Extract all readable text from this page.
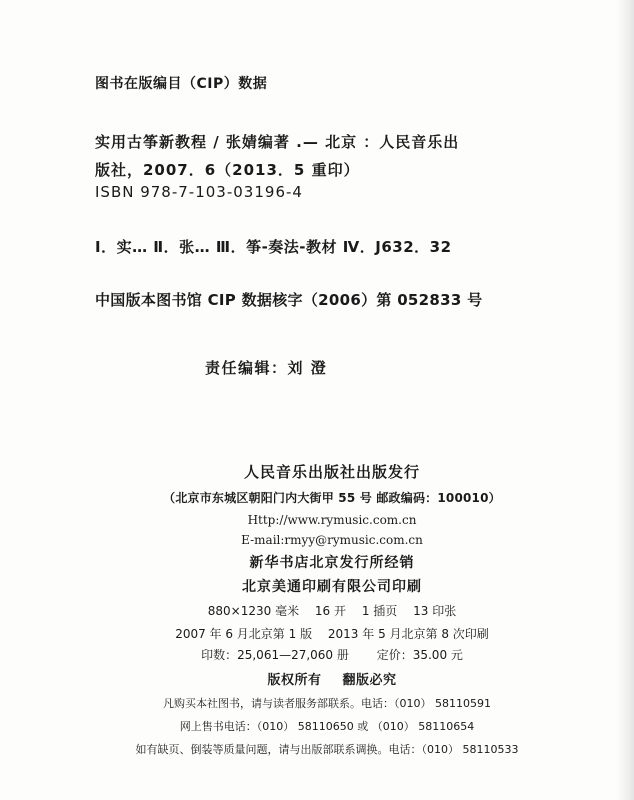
图书在版编目（CIP）数据
实用古筝新教程 / 张婧编著 .— 北京 ：人民音乐出
版社，2007．6（2013．5 重印）
ISBN 978-7-103-03196-4
Ⅰ．实… Ⅱ．张… Ⅲ．筝-奏法-教材 Ⅳ．J632．32
中国版本图书馆 CIP 数据核字（2006）第 052833 号
责任编辑：刘 澄
人民音乐出版社出版发行
（北京市东城区朝阳门内大街甲 55 号 邮政编码：100010）
Http://www.rymusic.com.cn
E-mail:rmyy@rymusic.com.cn
新华书店北京发行所经销
北京美通印刷有限公司印刷
880×1230 毫米 16 开 1 插页 13 印张
2007 年 6 月北京第 1 版 2013 年 5 月北京第 8 次印刷
印数：25,061—27,060 册 定价：35.00 元
版权所有 翻版必究
凡购买本社图书，请与读者服务部联系。电话：（010） 58110591
网上售书电话：（010） 58110650 或 （010） 58110654
如有缺页、倒装等质量问题，请与出版部联系调换。电话：（010） 58110533
